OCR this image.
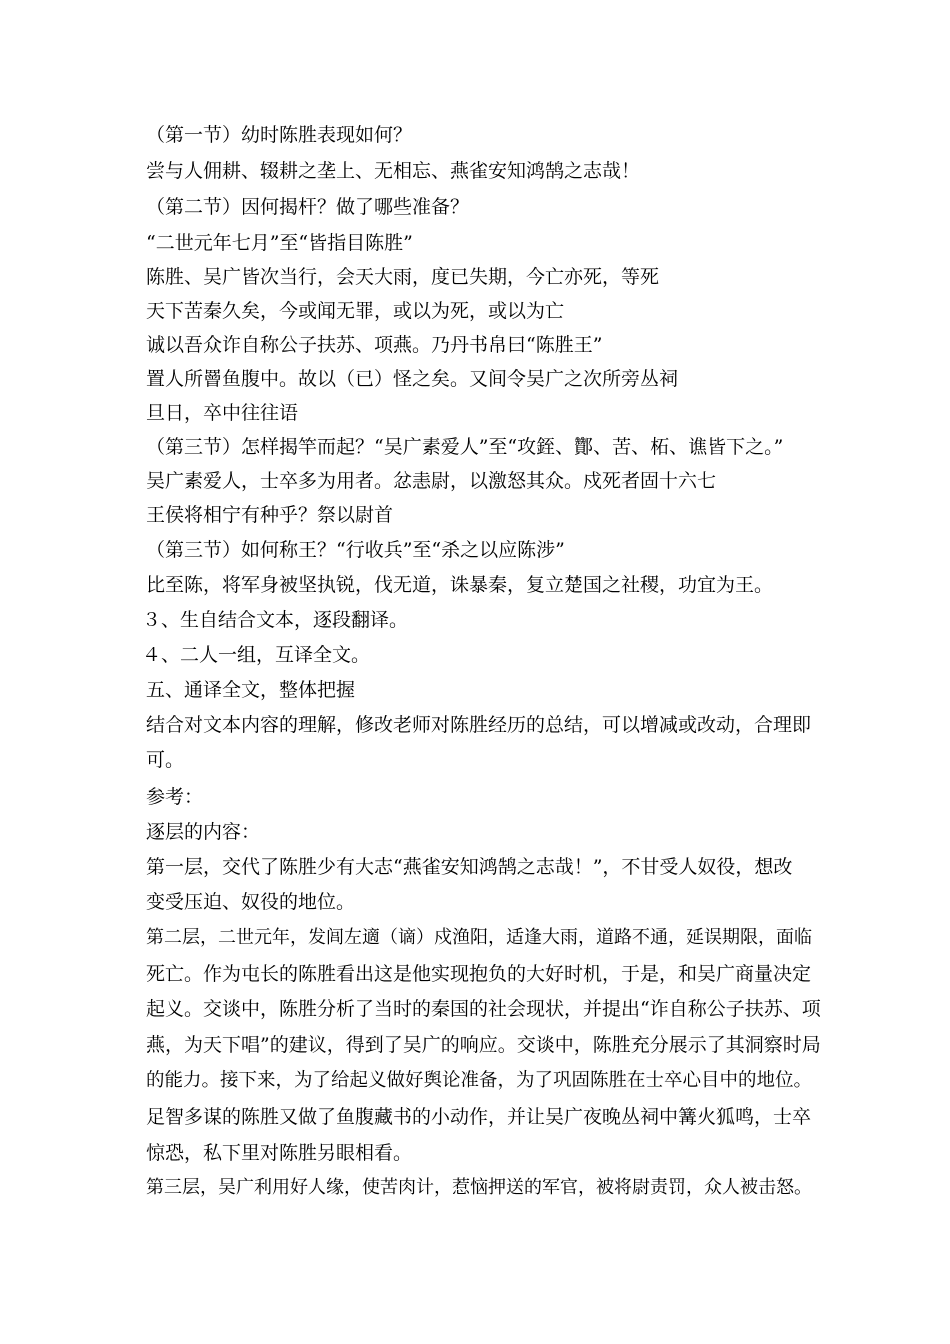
（第一节）幼时陈胜表现如何？
尝与人佣耕、辍耕之垄上、无相忘、燕雀安知鸿鹄之志哉！
（第二节）因何揭杆？做了哪些准备？
“二世元年七月”至“皆指目陈胜”
陈胜、吴广皆次当行，会天大雨，度已失期，今亡亦死，等死
天下苦秦久矣，今或闻无罪，或以为死，或以为亡
诚以吾众诈自称公子扶苏、项燕。乃丹书帛曰“陈胜王”
置人所罾鱼腹中。故以（已）怪之矣。又间令吴广之次所旁丛祠
旦日，卒中往往语
（第三节）怎样揭竿而起？“吴广素爱人”至“攻銍、酇、苦、柘、谯皆下之。”
吴广素爱人，士卒多为用者。忿恚尉，以激怒其众。戍死者固十六七
王侯将相宁有种乎？祭以尉首
（第三节）如何称王？“行收兵”至“杀之以应陈涉”
比至陈，将军身被坚执锐，伐无道，诛暴秦，复立楚国之社稷，功宜为王。
３、生自结合文本，逐段翻译。
４、二人一组，互译全文。
五、通译全文，整体把握
结合对文本内容的理解，修改老师对陈胜经历的总结，可以增减或改动，合理即
可。
参考：
逐层的内容：
第一层，交代了陈胜少有大志“燕雀安知鸿鹄之志哉！”，不甘受人奴役，想改
变受压迫、奴役的地位。
第二层，二世元年，发闾左適（谪）戍渔阳，适逢大雨，道路不通，延误期限，面临
死亡。作为屯长的陈胜看出这是他实现抱负的大好时机，于是，和吴广商量决定
起义。交谈中，陈胜分析了当时的秦国的社会现状，并提出“诈自称公子扶苏、项
燕，为天下唱”的建议，得到了吴广的响应。交谈中，陈胜充分展示了其洞察时局
的能力。接下来，为了给起义做好舆论准备，为了巩固陈胜在士卒心目中的地位。
足智多谋的陈胜又做了鱼腹藏书的小动作，并让吴广夜晚丛祠中篝火狐鸣，士卒
惊恐，私下里对陈胜另眼相看。
第三层，吴广利用好人缘，使苦肉计，惹恼押送的军官，被将尉责罚，众人被击怒。
